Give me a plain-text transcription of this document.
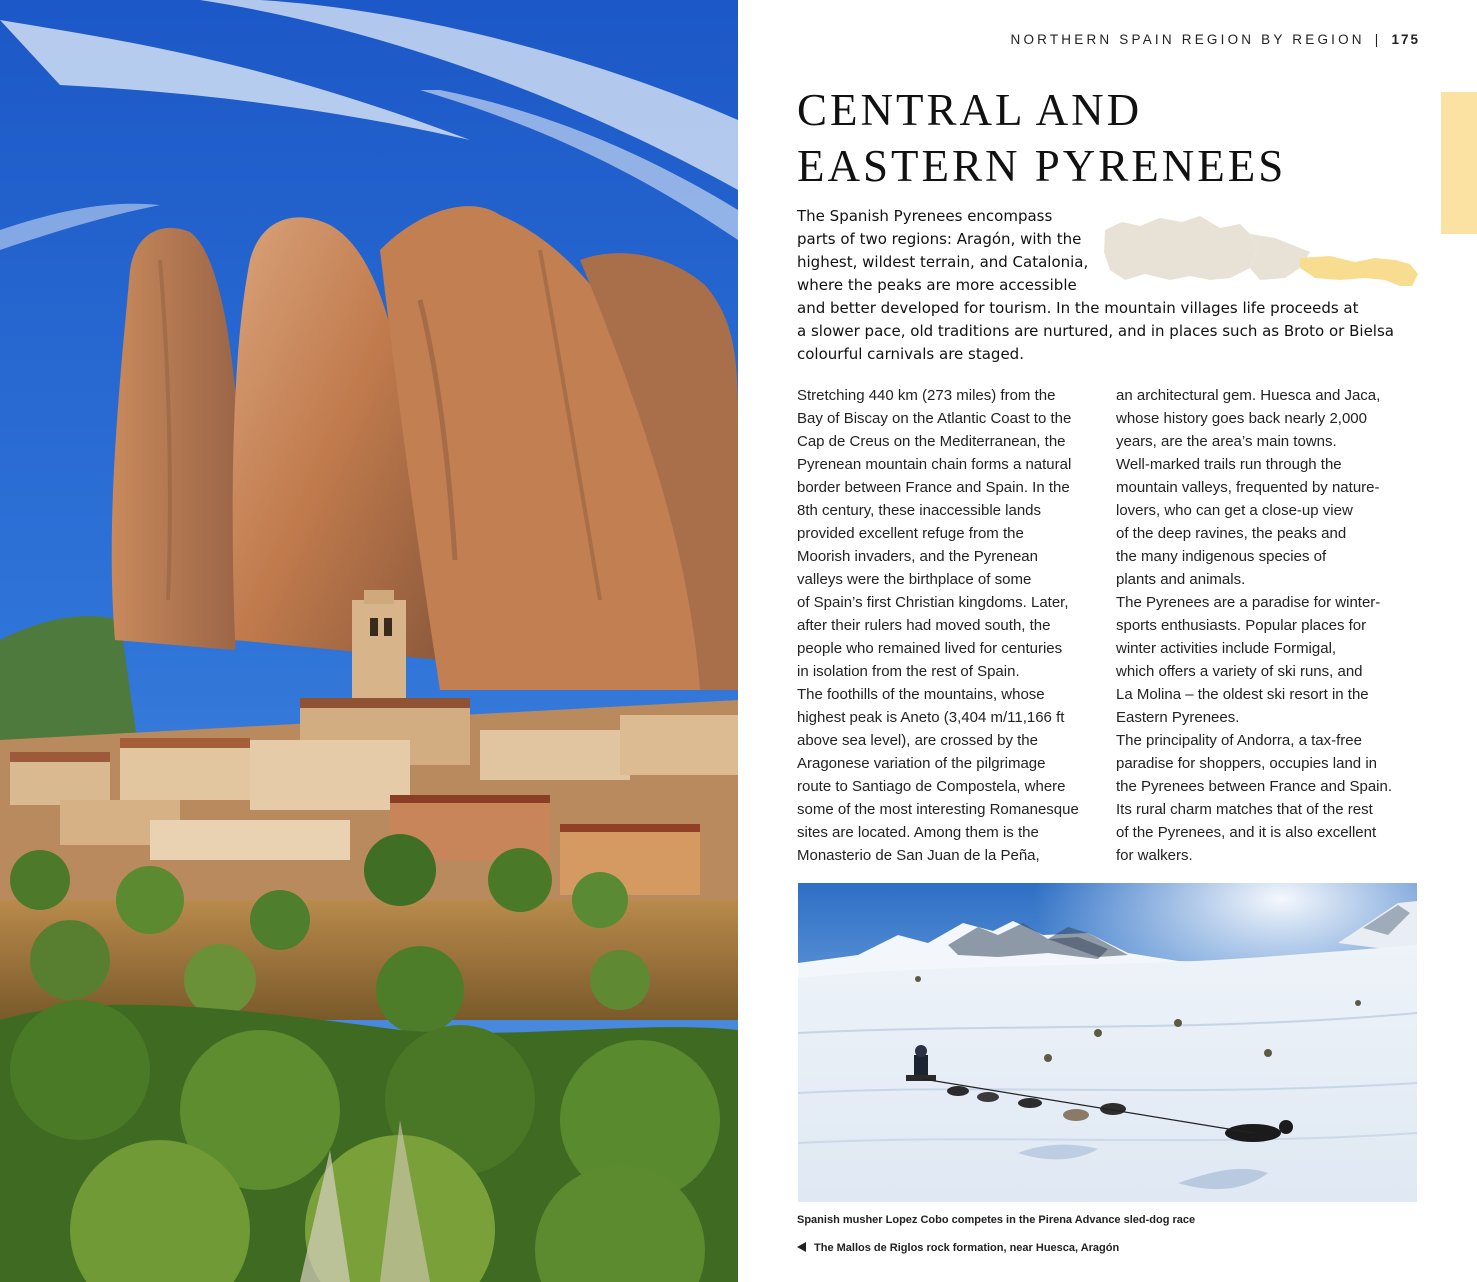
NORTHERN SPAIN REGION BY REGION | 175
CENTRAL AND
EASTERN PYRENEES

The Spanish Pyrenees encompass
parts of two regions: Aragón, with the
highest, wildest terrain, and Catalonia,
where the peaks are more accessible
and better developed for tourism. In the mountain villages life proceeds at
a slower pace, old traditions are nurtured, and in places such as Broto or Bielsa
colourful carnivals are staged.

Stretching 440 km (273 miles) from the
Bay of Biscay on the Atlantic Coast to the
Cap de Creus on the Mediterranean, the
Pyrenean mountain chain forms a natural
border between France and Spain. In the
8th century, these inaccessible lands
provided excellent refuge from the
Moorish invaders, and the Pyrenean
valleys were the birthplace of some
of Spain’s first Christian kingdoms. Later,
after their rulers had moved south, the
people who remained lived for centuries
in isolation from the rest of Spain.
The foothills of the mountains, whose
highest peak is Aneto (3,404 m/11,166 ft
above sea level), are crossed by the
Aragonese variation of the pilgrimage
route to Santiago de Compostela, where
some of the most interesting Romanesque
sites are located. Among them is the
Monasterio de San Juan de la Peña,
an architectural gem. Huesca and Jaca,
whose history goes back nearly 2,000
years, are the area’s main towns.
Well-marked trails run through the
mountain valleys, frequented by nature-
lovers, who can get a close-up view
of the deep ravines, the peaks and
the many indigenous species of
plants and animals.
The Pyrenees are a paradise for winter-
sports enthusiasts. Popular places for
winter activities include Formigal,
which offers a variety of ski runs, and
La Molina – the oldest ski resort in the
Eastern Pyrenees.
The principality of Andorra, a tax-free
paradise for shoppers, occupies land in
the Pyrenees between France and Spain.
Its rural charm matches that of the rest
of the Pyrenees, and it is also excellent
for walkers.
Spanish musher Lopez Cobo competes in the Pirena Advance sled-dog race
The Mallos de Riglos rock formation, near Huesca, Aragón
